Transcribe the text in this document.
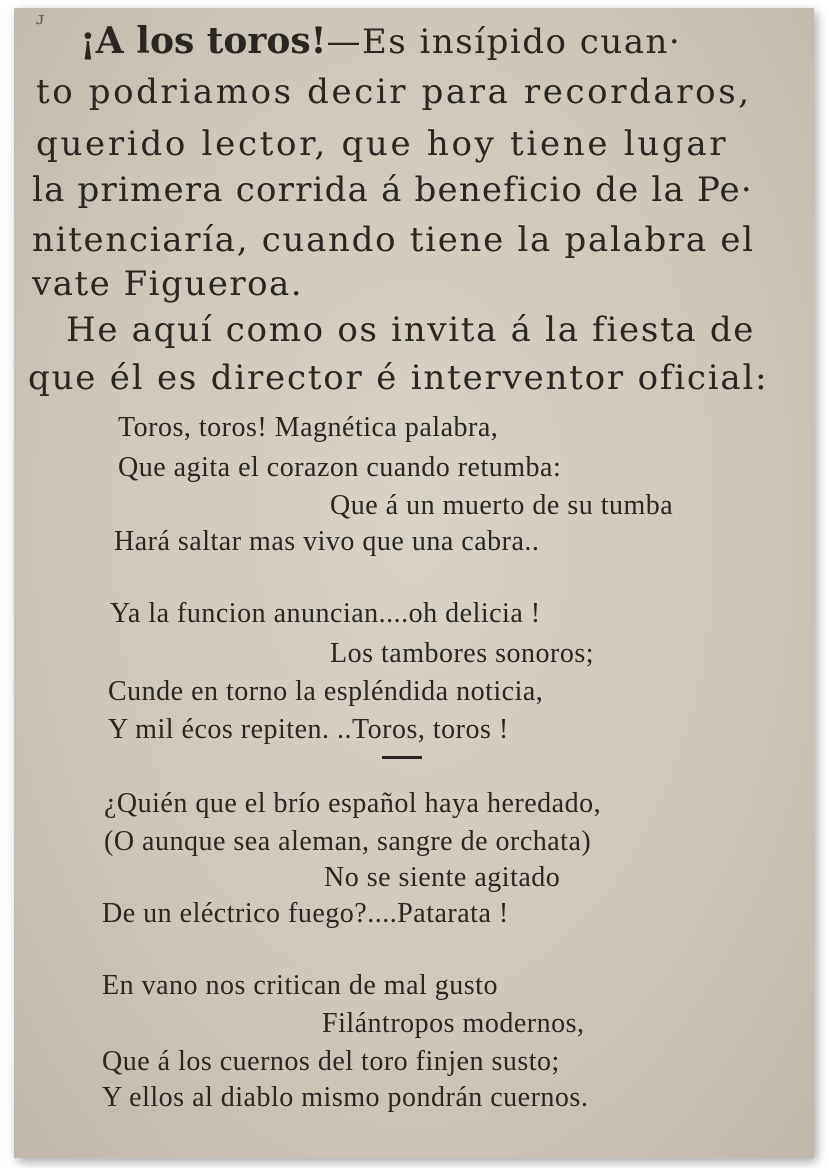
ᴊ
¡A los toros!—Es insípido cuan·
to podriamos decir para recordaros,
querido lector, que hoy tiene lugar
la primera corrida á beneficio de la Pe·
nitenciaría, cuando tiene la palabra el
vate Figueroa.
He aquí como os invita á la fiesta de
que él es director é interventor oficial:
Toros, toros! Magnética palabra,
Que agita el corazon cuando retumba:
Que á un muerto de su tumba
Hará saltar mas vivo que una cabra..
Ya la funcion anuncian....oh delicia !
Los tambores sonoros;
Cunde en torno la espléndida noticia,
Y mil écos repiten. ..Toros, toros !
¿Quién que el brío español haya heredado,
(O aunque sea aleman, sangre de orchata)
No se siente agitado
De un eléctrico fuego?....Patarata !
En vano nos critican de mal gusto
Filántropos modernos,
Que á los cuernos del toro finjen susto;
Y ellos al diablo mismo pondrán cuernos.
